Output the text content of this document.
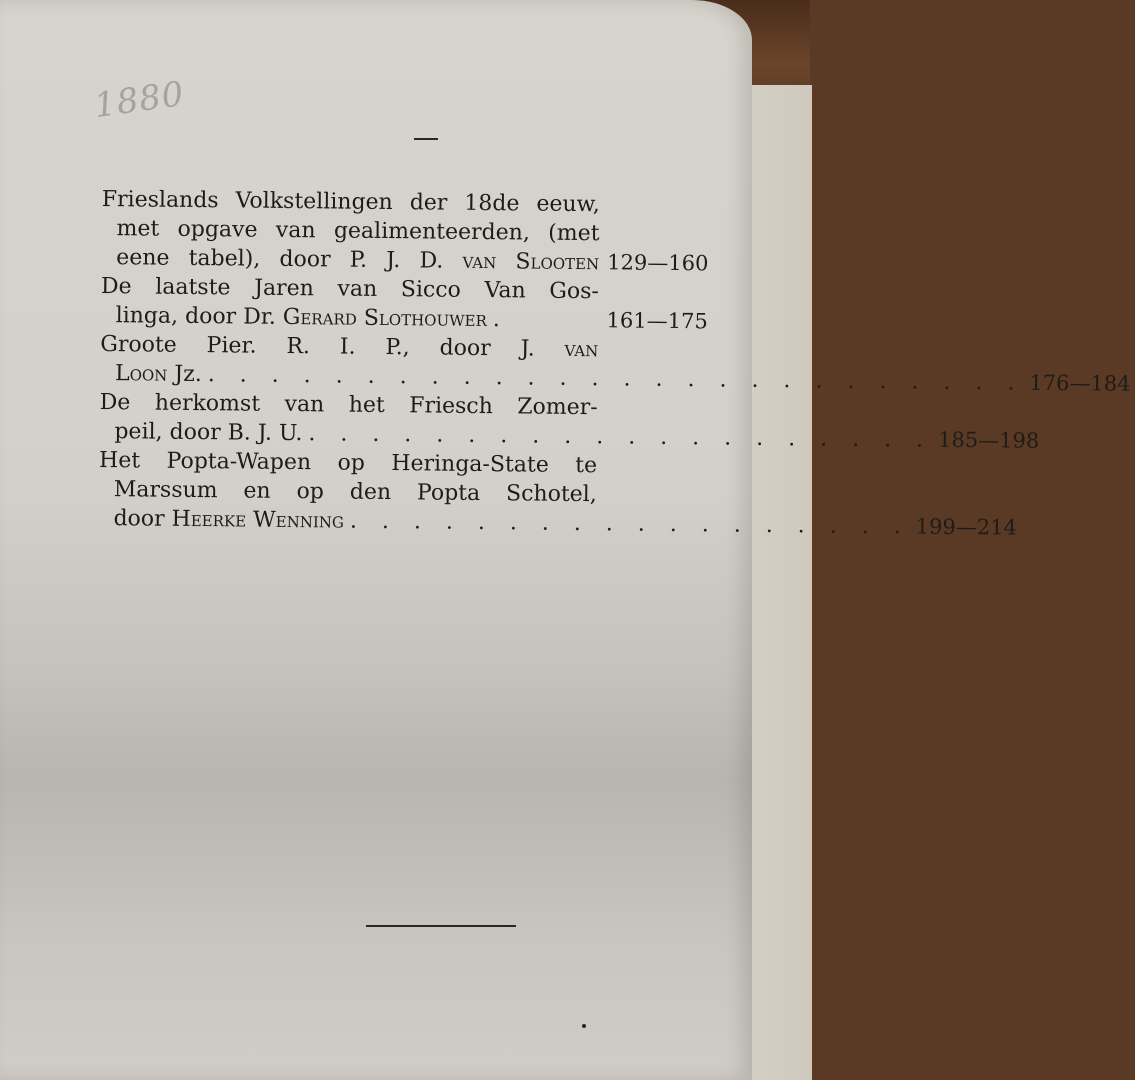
1880
Frieslands Volkstellingen der 18de eeuw,
met opgave van gealimenteerden, (met
eene tabel), door P. J. D. van Slooten 129—160
De laatste Jaren van Sicco Van Gos-
linga, door Dr. Gerard Slothouwer .	161—175
Groote Pier. R. I. P., door J. van
Loon Jz. . . . . . . . . . . . . . . . . . . . . . . . . . . 176—184
De herkomst van het Friesch Zomer-
peil, door B. J. U. . . . . . . . . . . . . . . . . . . . . 185—198
Het Popta-Wapen op Heringa-State te
Marssum en op den Popta Schotel,
door Heerke Wenning . . . . . . . . . . . . . . . . . . 199—214
